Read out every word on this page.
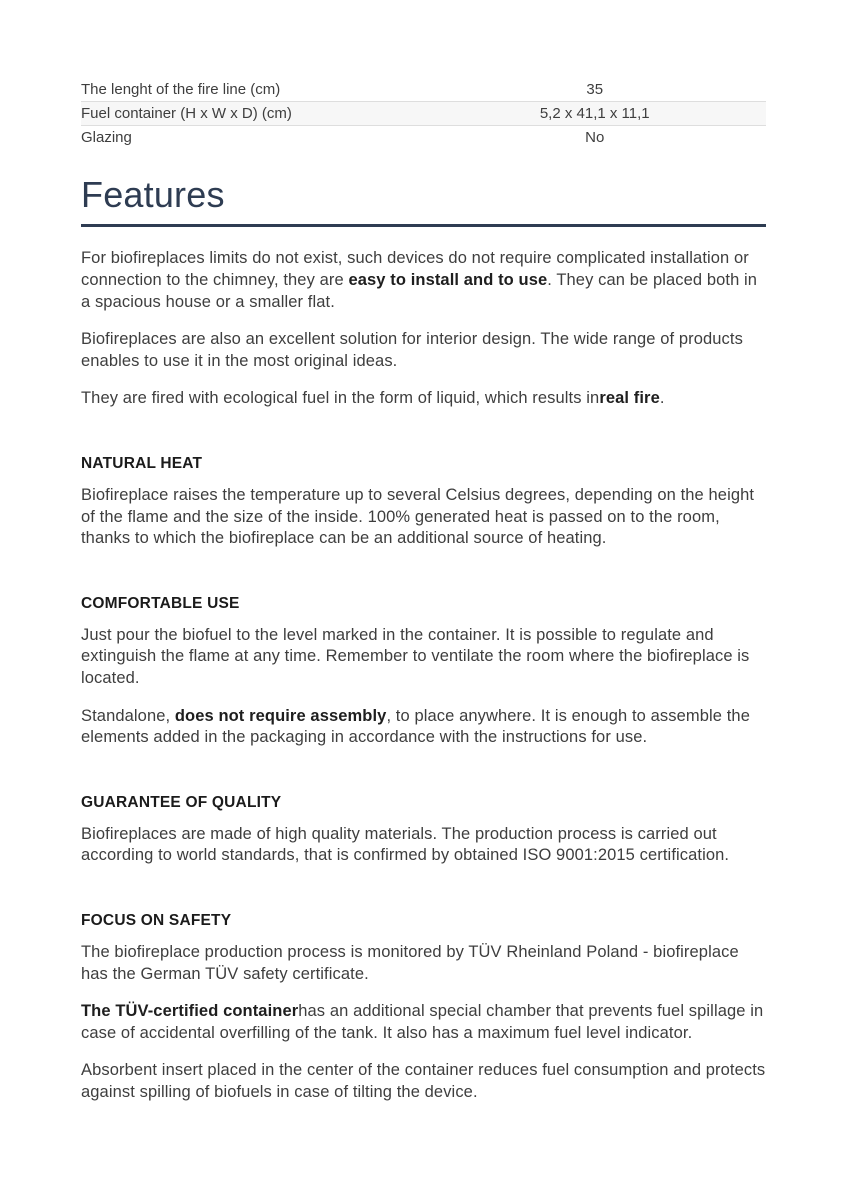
The lenght of the fire line (cm)	35
Fuel container (H x W x D) (cm)	5,2 x 41,1 x 11,1
Glazing	No
Features

For biofireplaces limits do not exist, such devices do not require complicated installation or connection to the chimney, they are easy to install and to use. They can be placed both in a spacious house or a smaller flat.

Biofireplaces are also an excellent solution for interior design. The wide range of products enables to use it in the most original ideas.

They are fired with ecological fuel in the form of liquid, which results inreal fire.

NATURAL HEAT

Biofireplace raises the temperature up to several Celsius degrees, depending on the height of the flame and the size of the inside. 100% generated heat is passed on to the room, thanks to which the biofireplace can be an additional source of heating.

COMFORTABLE USE

Just pour the biofuel to the level marked in the container. It is possible to regulate and extinguish the flame at any time. Remember to ventilate the room where the biofireplace is located.

Standalone, does not require assembly, to place anywhere. It is enough to assemble the elements added in the packaging in accordance with the instructions for use.

GUARANTEE OF QUALITY

Biofireplaces are made of high quality materials. The production process is carried out according to world standards, that is confirmed by obtained ISO 9001:2015 certification.

FOCUS ON SAFETY

The biofireplace production process is monitored by TÜV Rheinland Poland - biofireplace has the German TÜV safety certificate.

The TÜV-certified containerhas an additional special chamber that prevents fuel spillage in case of accidental overfilling of the tank. It also has a maximum fuel level indicator.

Absorbent insert placed in the center of the container reduces fuel consumption and protects against spilling of biofuels in case of tilting the device.
